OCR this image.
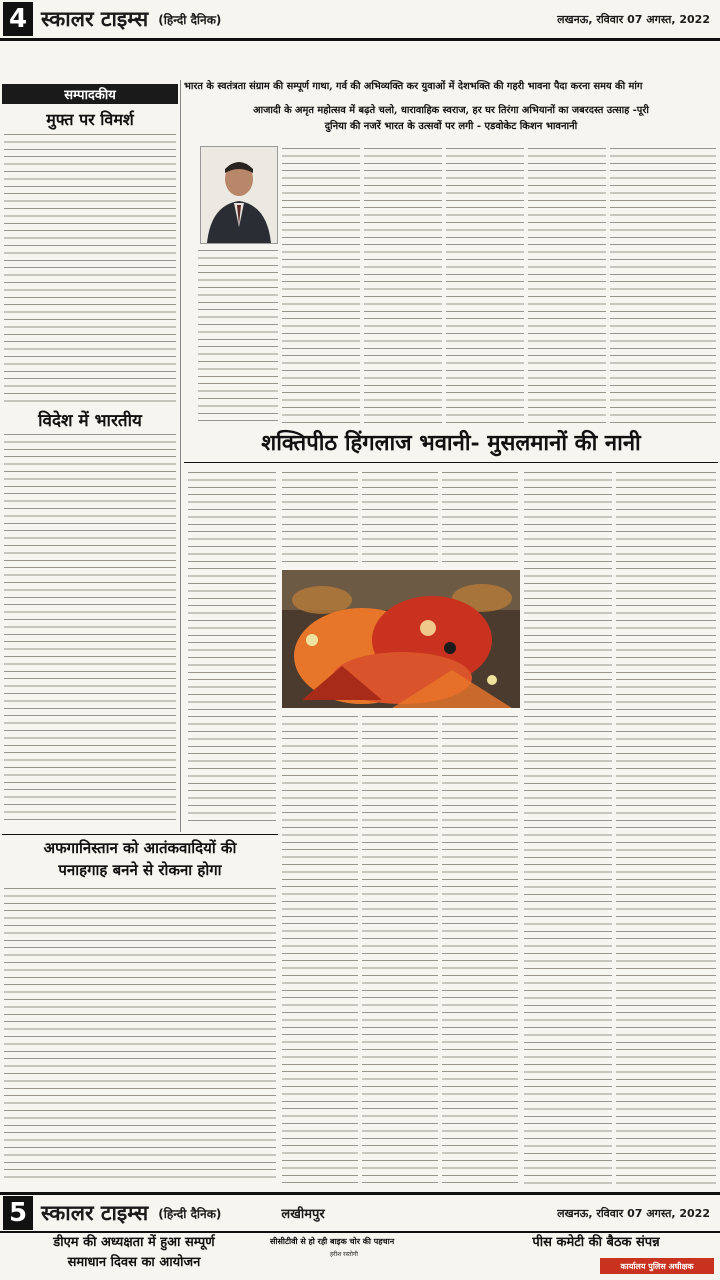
4 स्कालर टाइम्स (हिन्दी दैनिक)	लखनऊ, रविवार 07 अगस्त, 2022
सम्पादकीय
मुफ्त पर विमर्श
विदेश में भारतीय
भारत के स्वतंत्रता संग्राम की सम्पूर्ण गाथा, गर्व की अभिव्यक्ति कर युवाओं में देशभक्ति की गहरी भावना पैदा करना समय की मांग
आजादी के अमृत महोत्सव में बढ़ते चलो, धारावाहिक स्वराज, हर घर तिरंगा अभियानों का जबरदस्त उत्साह -पूरी
दुनिया की नजरें भारत के उत्सवों पर लगी - एडवोकेट किशन भावनानी
शक्तिपीठ हिंगलाज भवानी- मुसलमानों की नानी
अफगानिस्तान को आतंकवादियों की
पनाहगाह बनने से रोकना होगा
5 स्कालर टाइम्स (हिन्दी दैनिक)	लखीमपुर	लखनऊ, रविवार 07 अगस्त, 2022
डीएम की अध्यक्षता में हुआ सम्पूर्ण
समाधान दिवस का आयोजन
सीसीटीवी से हो रही बाइक चोर की पहचान
हरीश रस्तोगी
पीस कमेटी की बैठक संपन्न
कार्यालय पुलिस अधीक्षक
